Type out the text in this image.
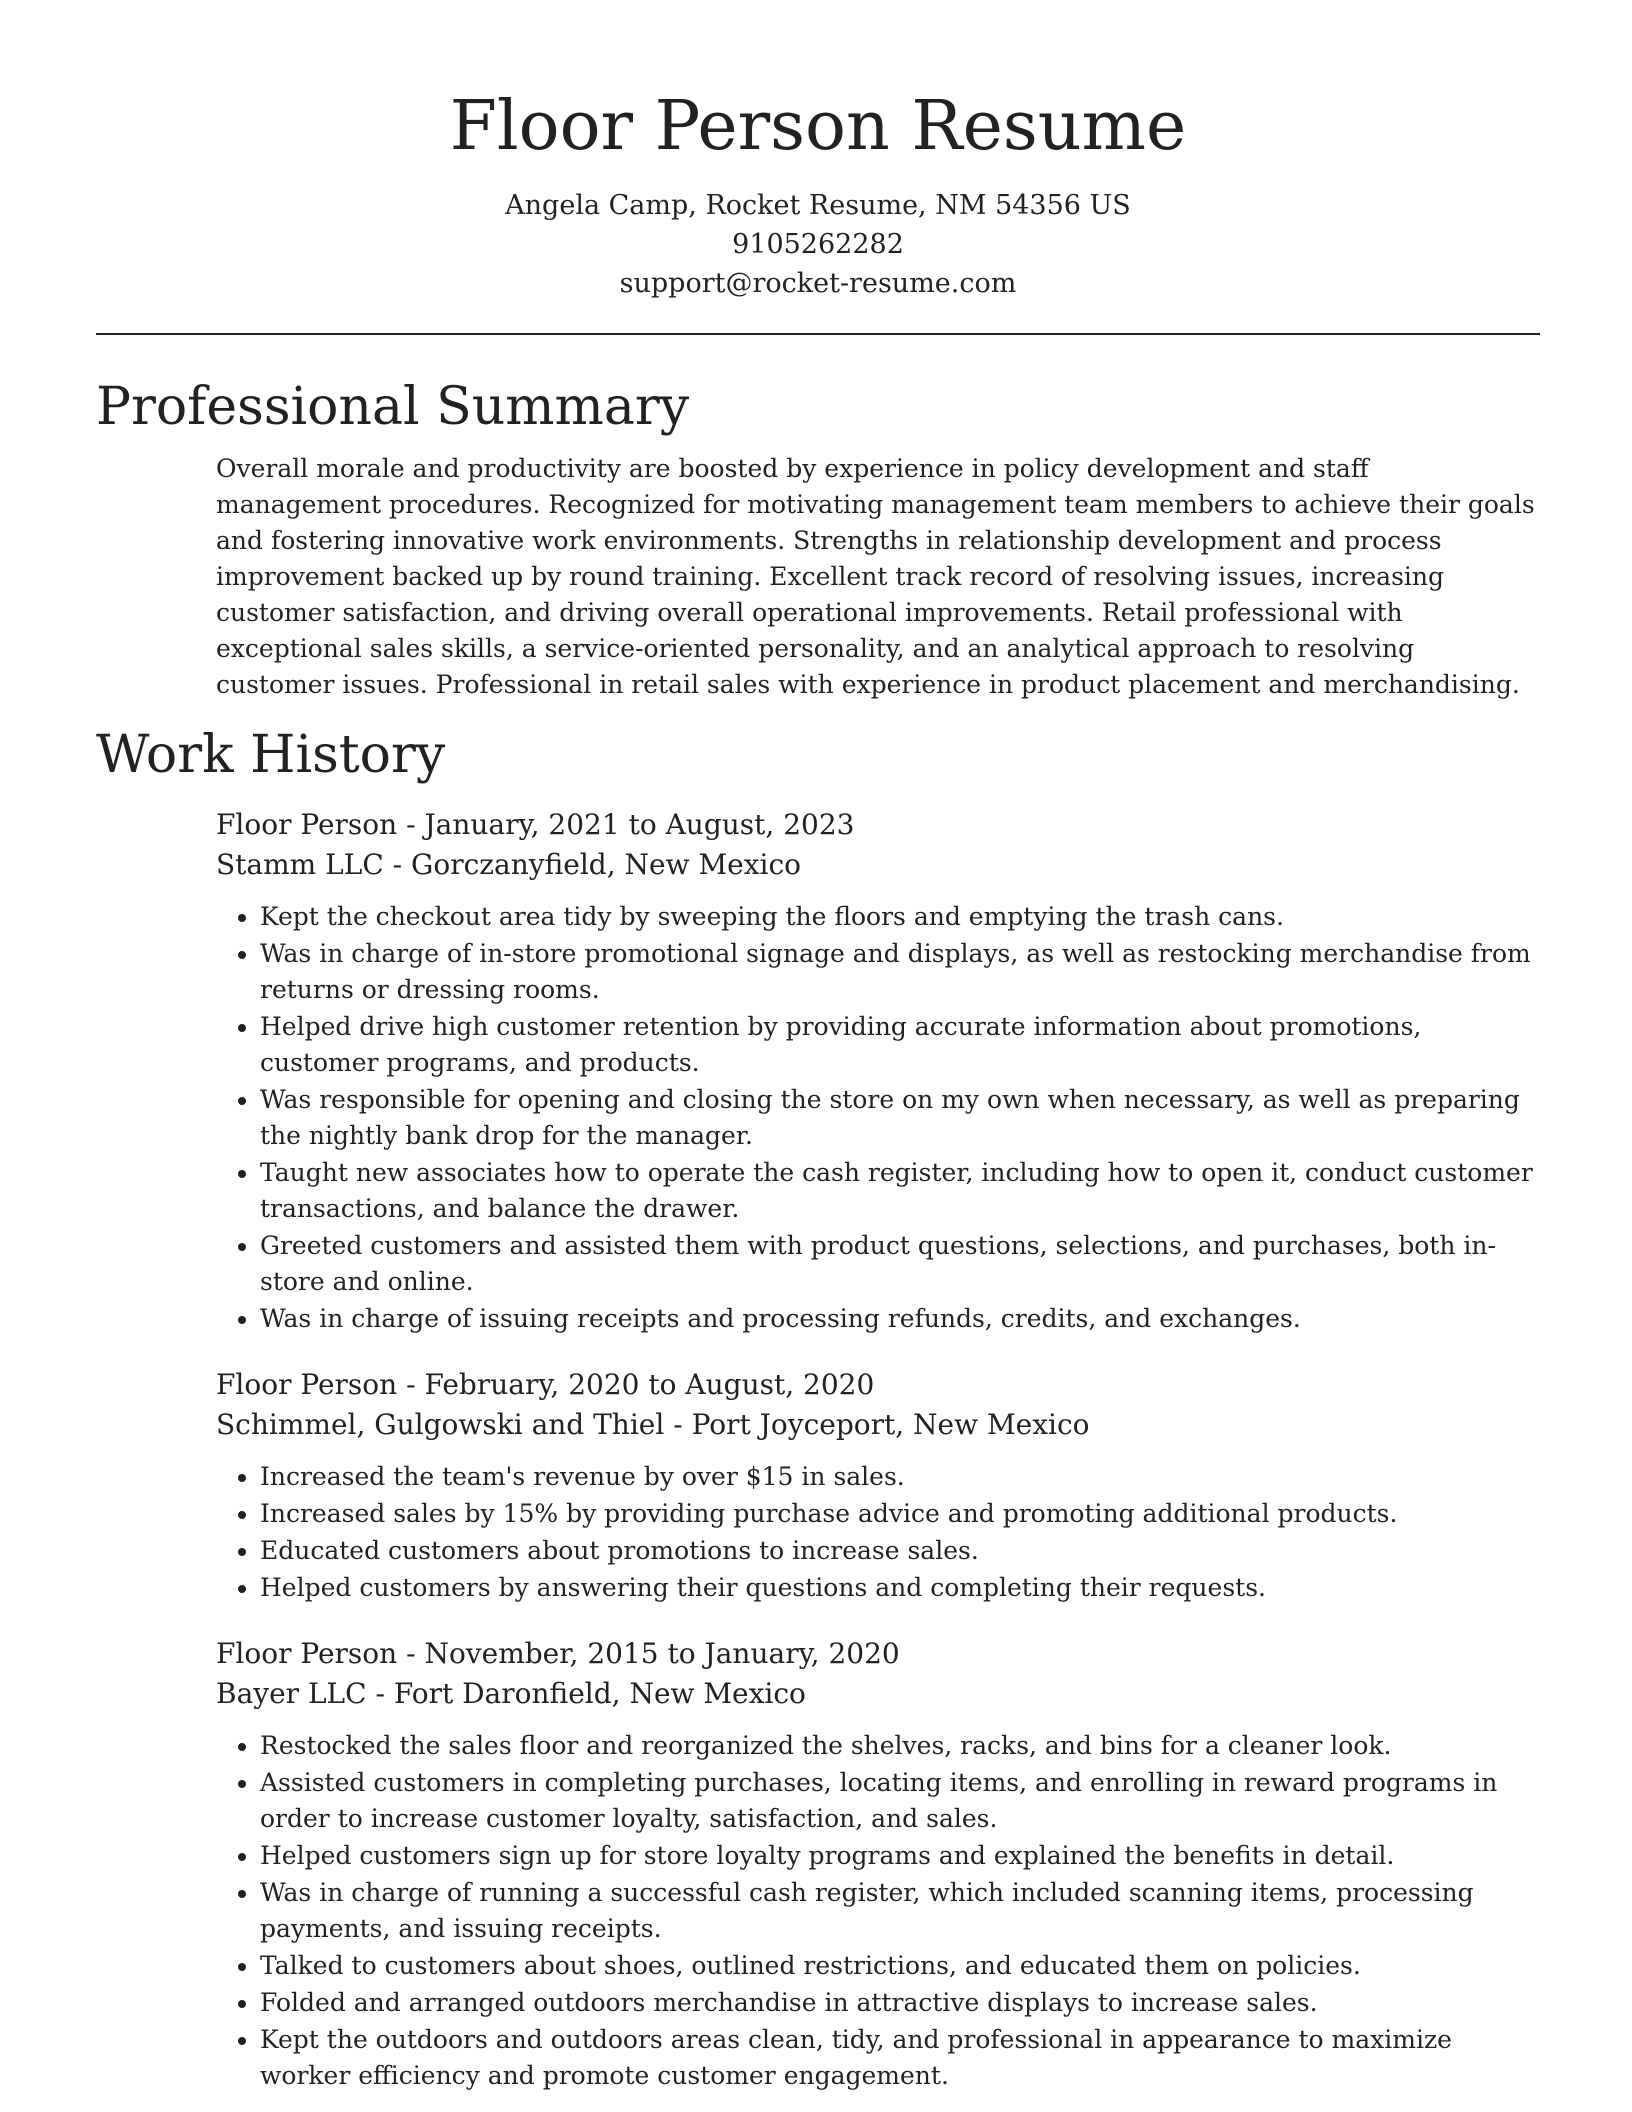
Floor Person Resume
Angela Camp, Rocket Resume, NM 54356 US
9105262282
support@rocket-resume.com
Professional Summary

Overall morale and productivity are boosted by experience in policy development and staff management procedures. Recognized for motivating management team members to achieve their goals and fostering innovative work environments. Strengths in relationship development and process improvement backed up by round training. Excellent track record of resolving issues, increasing customer satisfaction, and driving overall operational improvements. Retail professional with exceptional sales skills, a service-oriented personality, and an analytical approach to resolving customer issues. Professional in retail sales with experience in product placement and merchandising.

Work History
Floor Person - January, 2021 to August, 2023
Stamm LLC - Gorczanyfield, New Mexico
• Kept the checkout area tidy by sweeping the floors and emptying the trash cans.
• Was in charge of in-store promotional signage and displays, as well as restocking merchandise from returns or dressing rooms.
• Helped drive high customer retention by providing accurate information about promotions, customer programs, and products.
• Was responsible for opening and closing the store on my own when necessary, as well as preparing the nightly bank drop for the manager.
• Taught new associates how to operate the cash register, including how to open it, conduct customer transactions, and balance the drawer.
• Greeted customers and assisted them with product questions, selections, and purchases, both in-store and online.
• Was in charge of issuing receipts and processing refunds, credits, and exchanges.
Floor Person - February, 2020 to August, 2020
Schimmel, Gulgowski and Thiel - Port Joyceport, New Mexico
• Increased the team's revenue by over $15 in sales.
• Increased sales by 15% by providing purchase advice and promoting additional products.
• Educated customers about promotions to increase sales.
• Helped customers by answering their questions and completing their requests.
Floor Person - November, 2015 to January, 2020
Bayer LLC - Fort Daronfield, New Mexico
• Restocked the sales floor and reorganized the shelves, racks, and bins for a cleaner look.
• Assisted customers in completing purchases, locating items, and enrolling in reward programs in order to increase customer loyalty, satisfaction, and sales.
• Helped customers sign up for store loyalty programs and explained the benefits in detail.
• Was in charge of running a successful cash register, which included scanning items, processing payments, and issuing receipts.
• Talked to customers about shoes, outlined restrictions, and educated them on policies.
• Folded and arranged outdoors merchandise in attractive displays to increase sales.
• Kept the outdoors and outdoors areas clean, tidy, and professional in appearance to maximize worker efficiency and promote customer engagement.
